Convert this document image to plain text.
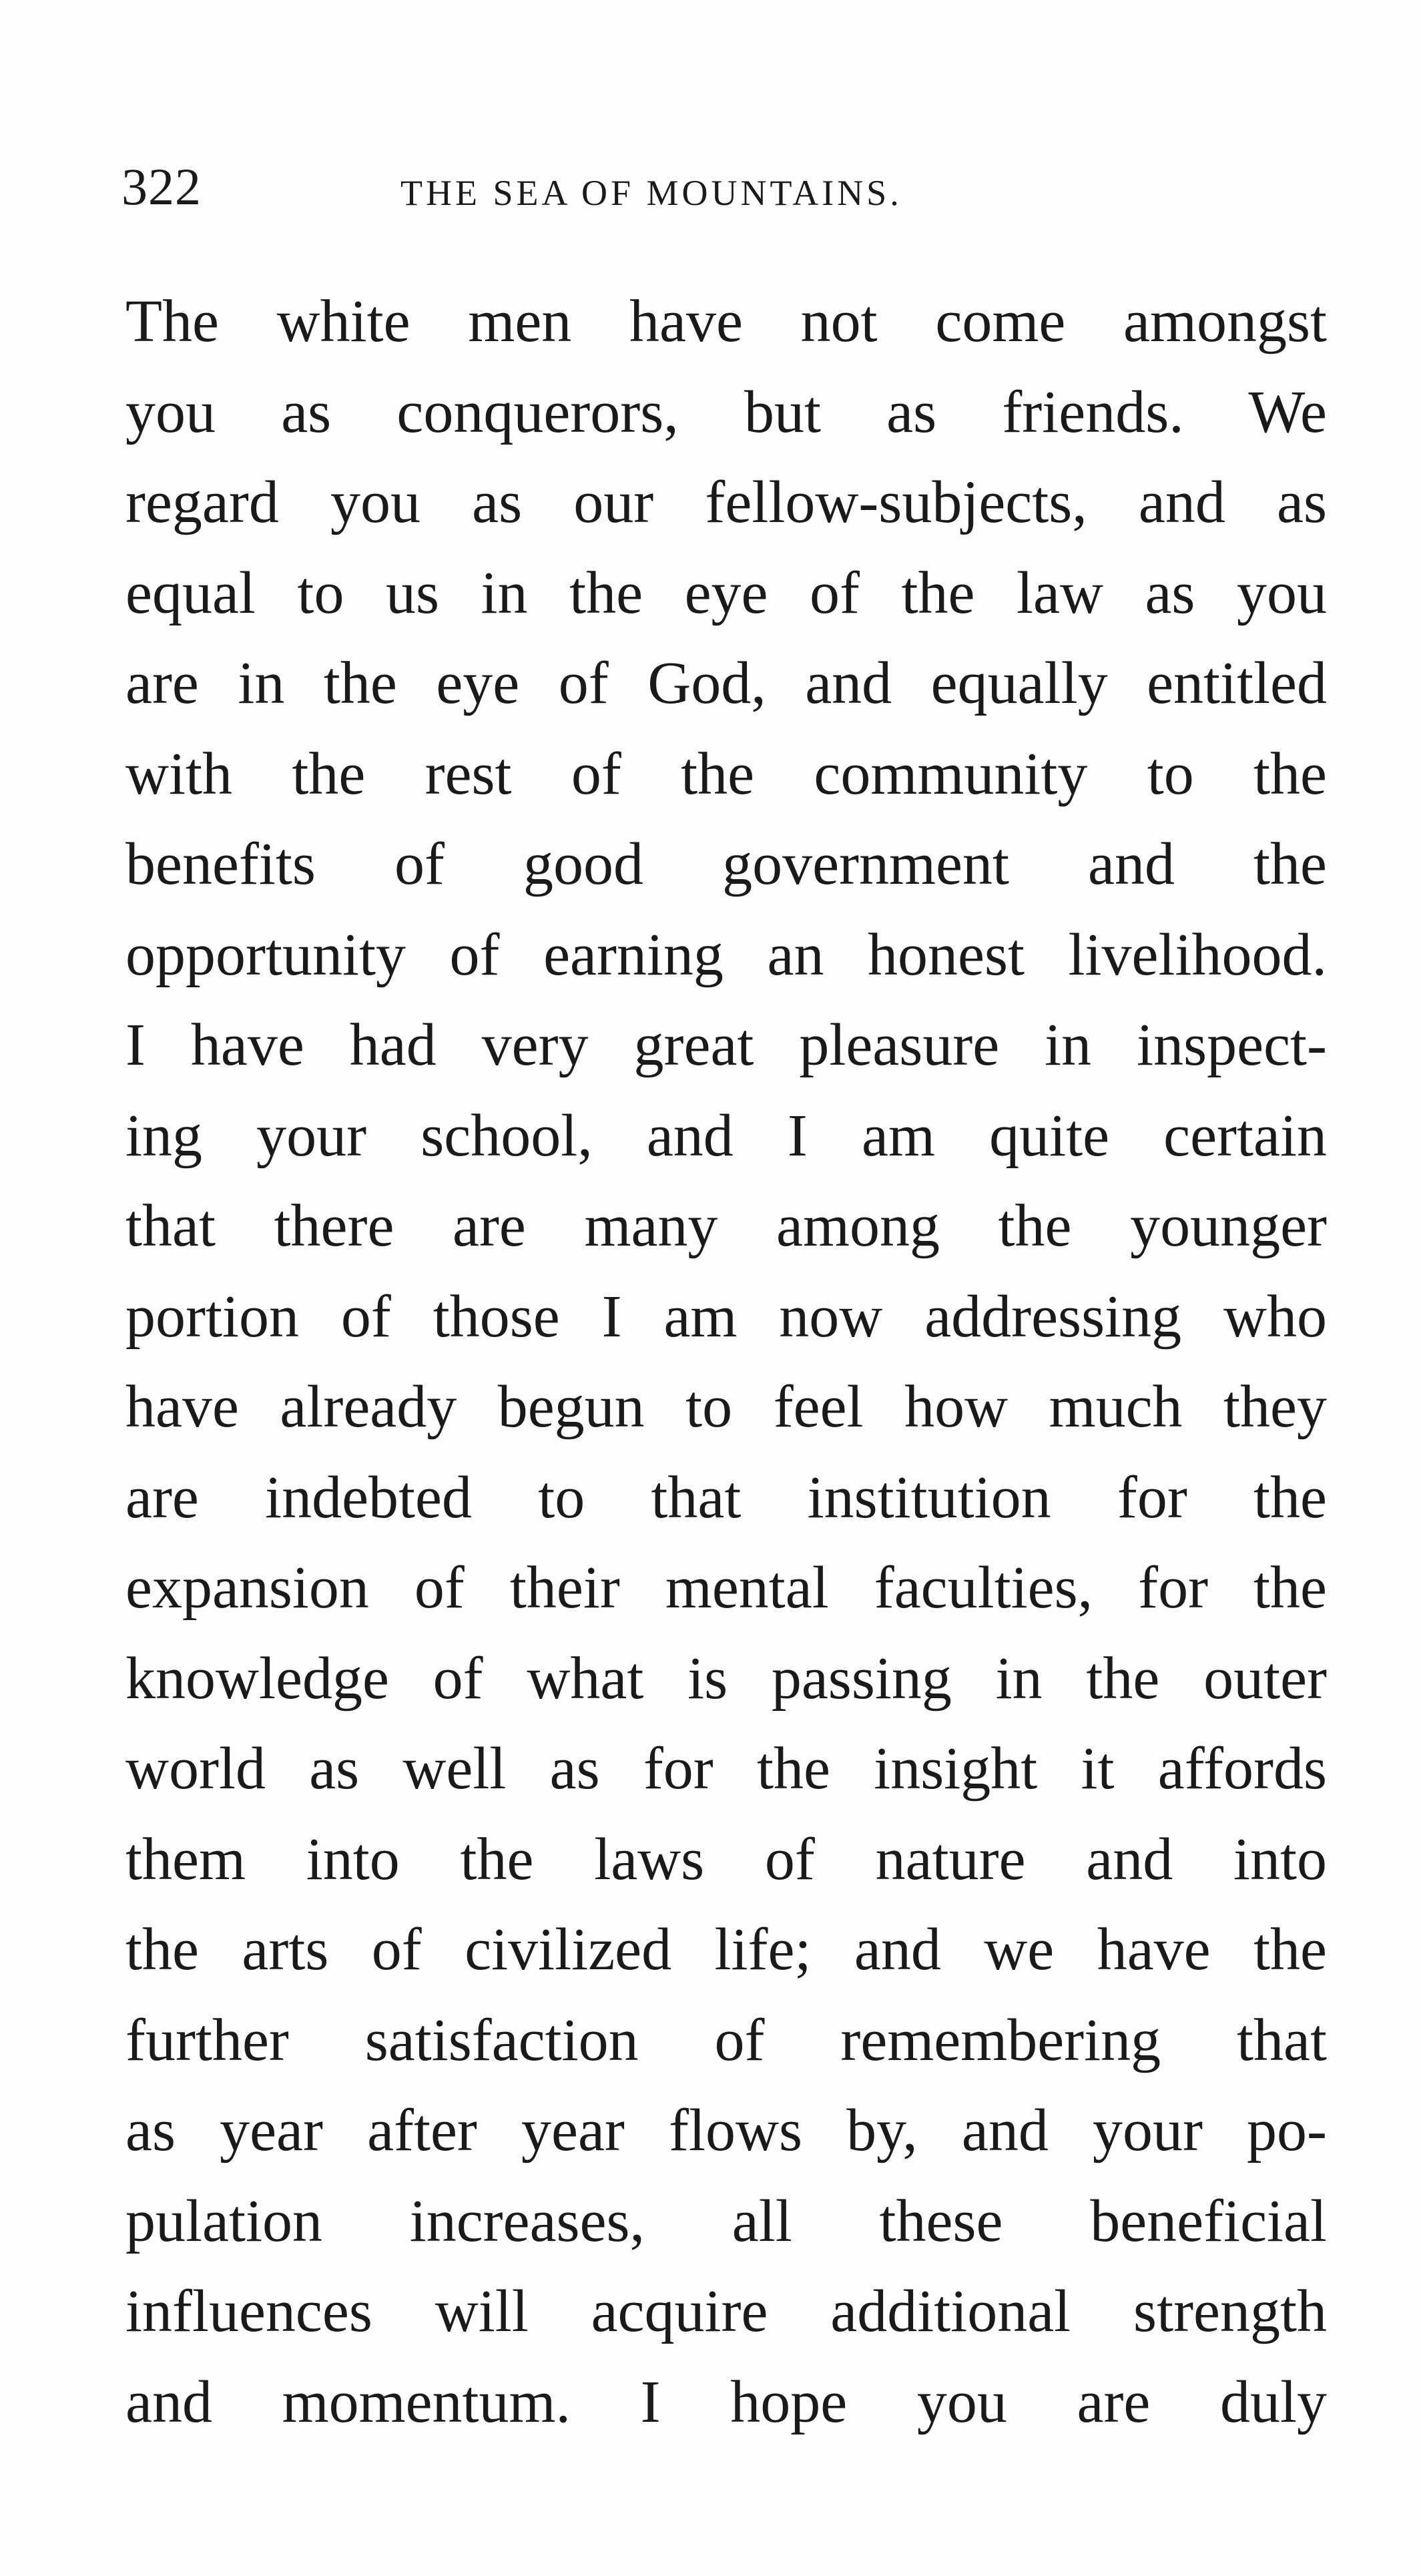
322	THE SEA OF MOUNTAINS.
The white men have not come amongst
you as conquerors, but as friends. We
regard you as our fellow-subjects, and as
equal to us in the eye of the law as you
are in the eye of God, and equally entitled
with the rest of the community to the
benefits of good government and the
opportunity of earning an honest livelihood.
I have had very great pleasure in inspect-
ing your school, and I am quite certain
that there are many among the younger
portion of those I am now addressing who
have already begun to feel how much they
are indebted to that institution for the
expansion of their mental faculties, for the
knowledge of what is passing in the outer
world as well as for the insight it affords
them into the laws of nature and into
the arts of civilized life; and we have the
further satisfaction of remembering that
as year after year flows by, and your po-
pulation increases, all these beneficial
influences will acquire additional strength
and momentum. I hope you are duly
